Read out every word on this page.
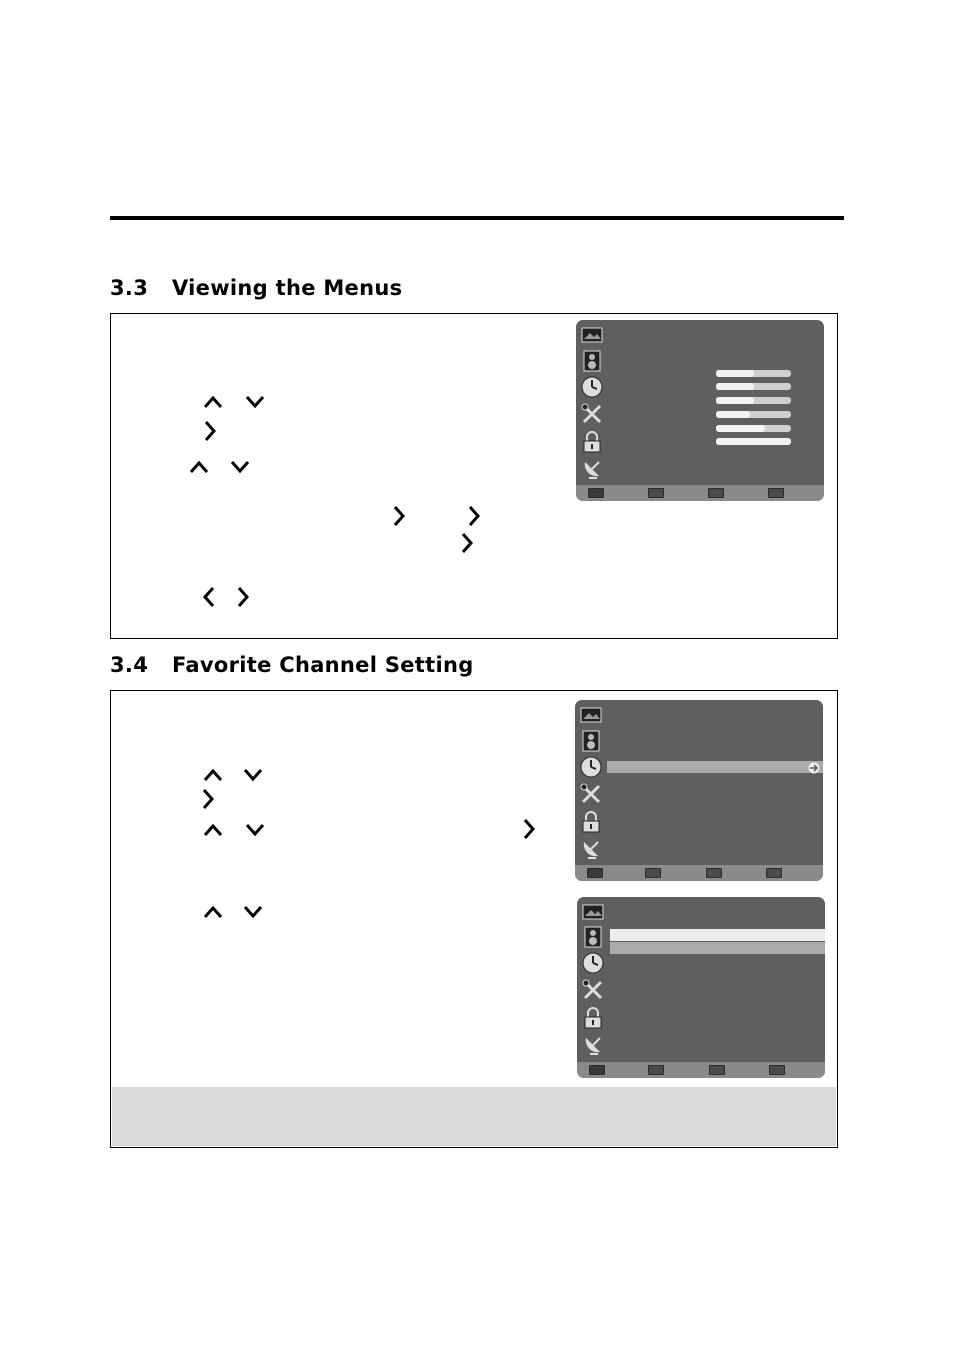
3.3 Viewing the Menus
3.4 Favorite Channel Setting
